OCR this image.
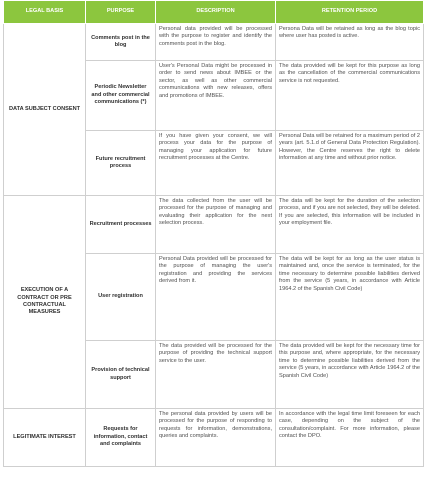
LEGAL BASIS	PURPOSE	DESCRIPTION	RETENTION PERIOD
DATA SUBJECT CONSENT	Comments post in the blog	Personal data provided will be processed with the purpose to register and identify the comments post in the blog.	Persona Data will be retained as long as the blog topic where user has posted is active.
	Periodic Newsletter and other commercial communications (*)	User's Personal Data might be processed in order to send news about IMBEE or the sector, as well as other commercial communications with new releases, offers and promotions of IMBEE.	The data provided will be kept for this purpose as long as the cancellation of the commercial communications service is not requested.
	Future recruitment process	If you have given your consent, we will process your data for the purpose of managing your application for future recruitment processes at the Centre.	Personal Data will be retained for a maximum period of 2 years (art. 5.1.d of General Data Protection Regulation). However, the Centre reserves the right to delete information at any time and without prior notice.
EXECUTION OF A CONTRACT OR PRE CONTRACTUAL MEASURES	Recruitment processes	The data collected from the user will be processed for the purpose of managing and evaluating their application for the next selection process.	The data will be kept for the duration of the selection process, and if you are not selected, they will be deleted. If you are selected, this information will be included in your employment file.
	User registration	Personal Data provided will be processed for the purpose of managing the user's registration and providing the services derived from it.	The data will be kept for as long as the user status is maintained and, once the service is terminated, for the time necessary to determine possible liabilities derived from the service (5 years, in accordance with Article 1964.2 of the Spanish Civil Code)
	Provision of technical support	The data provided will be processed for the purpose of providing the technical support service to the user.	The data provided will be kept for the necessary time for this purpose and, where appropriate, for the necessary time to determine possible liabilities derived from the service (5 years, in accordance with Article 1964.2 of the Spanish Civil Code)
LEGITIMATE INTEREST	Requests for information, contact and complaints	The personal data provided by users will be processed for the purpose of responding to requests for information, demonstrations, queries and complaints.	In accordance with the legal time limit foreseen for each case, depending on the subject of the consultation/complaint. For more information, please contact the DPO.
